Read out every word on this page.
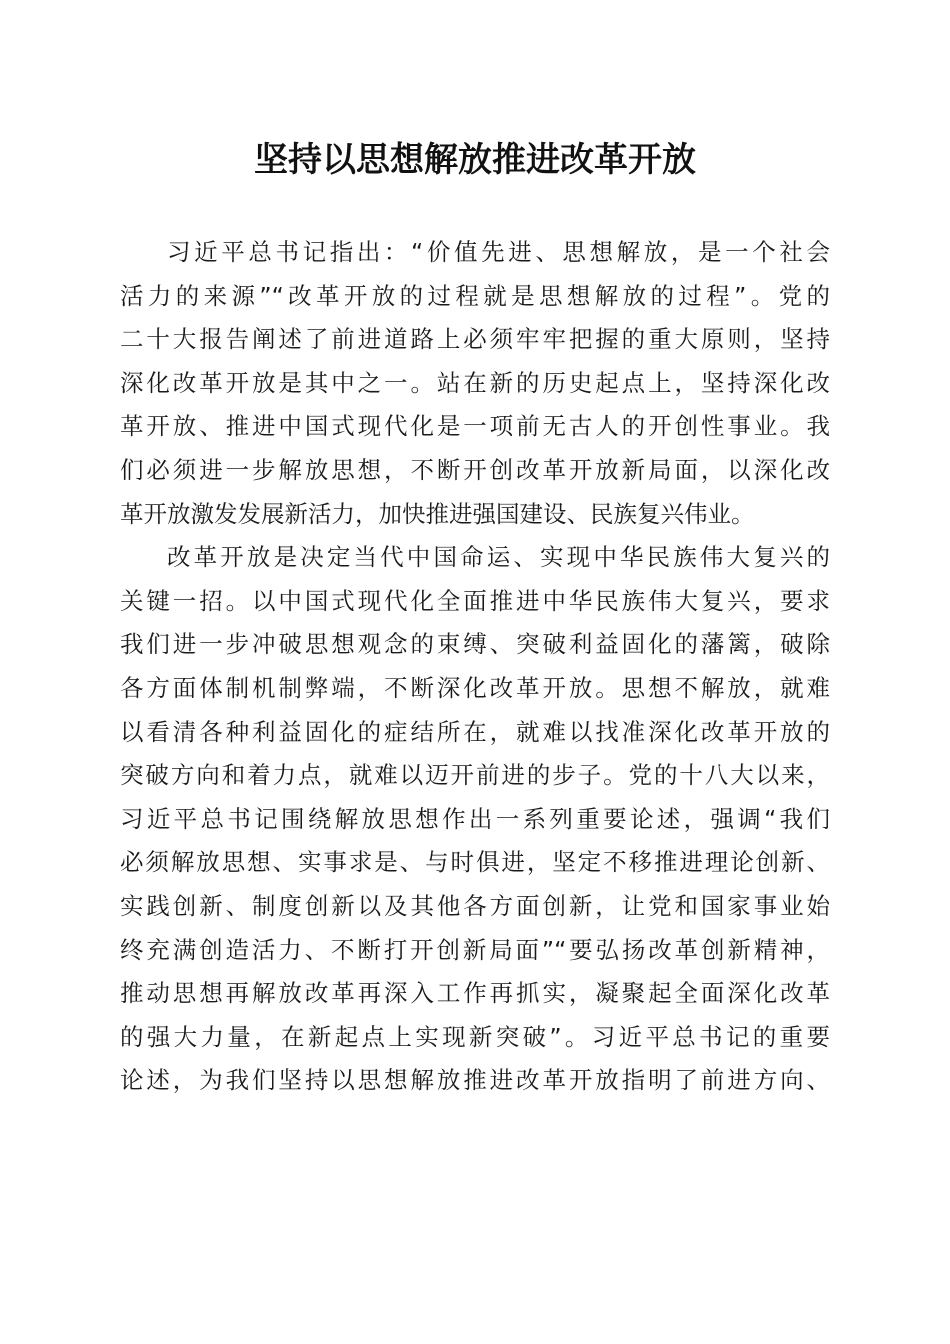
坚持以思想解放推进改革开放
习近平总书记指出：“价值先进、思想解放，是一个社会
活力的来源”“改革开放的过程就是思想解放的过程”。党的
二十大报告阐述了前进道路上必须牢牢把握的重大原则，坚持
深化改革开放是其中之一。站在新的历史起点上，坚持深化改
革开放、推进中国式现代化是一项前无古人的开创性事业。我
们必须进一步解放思想，不断开创改革开放新局面，以深化改
革开放激发发展新活力，加快推进强国建设、民族复兴伟业。
改革开放是决定当代中国命运、实现中华民族伟大复兴的
关键一招。以中国式现代化全面推进中华民族伟大复兴，要求
我们进一步冲破思想观念的束缚、突破利益固化的藩篱，破除
各方面体制机制弊端，不断深化改革开放。思想不解放，就难
以看清各种利益固化的症结所在，就难以找准深化改革开放的
突破方向和着力点，就难以迈开前进的步子。党的十八大以来，
习近平总书记围绕解放思想作出一系列重要论述，强调“我们
必须解放思想、实事求是、与时俱进，坚定不移推进理论创新、
实践创新、制度创新以及其他各方面创新，让党和国家事业始
终充满创造活力、不断打开创新局面”“要弘扬改革创新精神，
推动思想再解放改革再深入工作再抓实，凝聚起全面深化改革
的强大力量，在新起点上实现新突破”。习近平总书记的重要
论述，为我们坚持以思想解放推进改革开放指明了前进方向、
